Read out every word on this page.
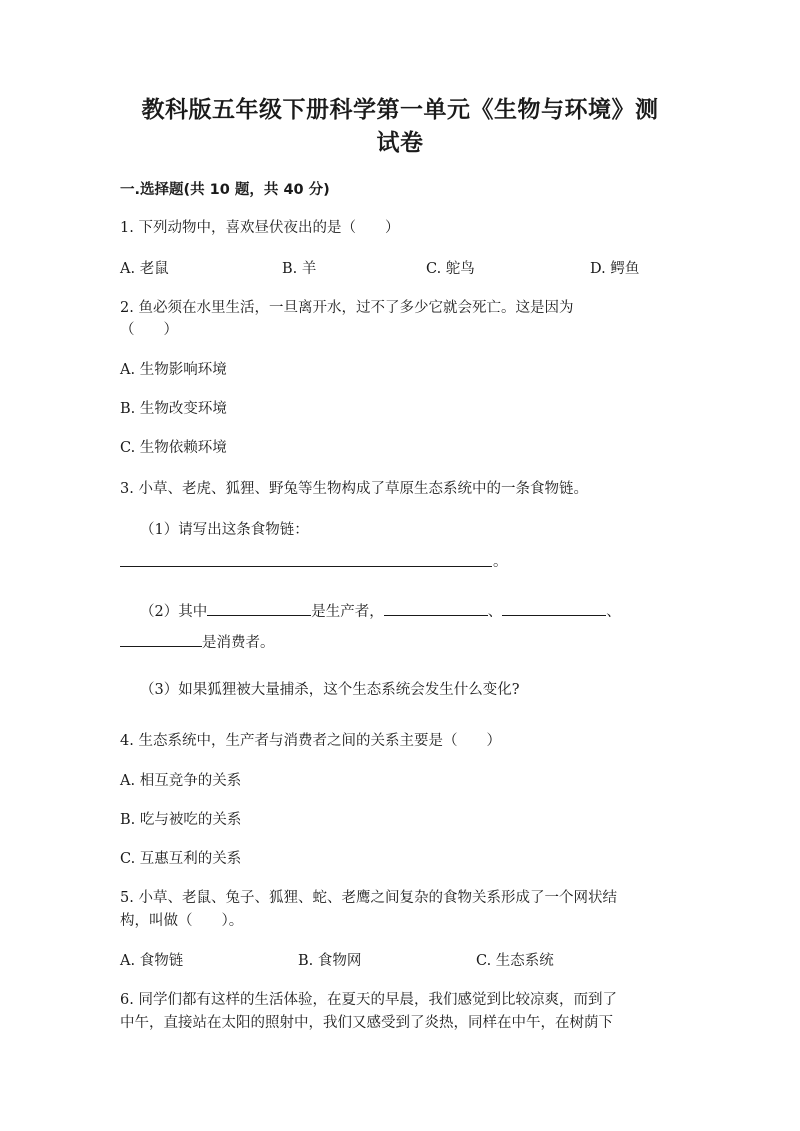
教科版五年级下册科学第一单元《生物与环境》测
试卷
一.选择题(共 10 题，共 40 分)
1. 下列动物中，喜欢昼伏夜出的是（　　）
A. 老鼠	B. 羊	C. 鸵鸟	D. 鳄鱼
2. 鱼必须在水里生活，一旦离开水，过不了多少它就会死亡。这是因为
（　　）
A. 生物影响环境
B. 生物改变环境
C. 生物依赖环境
3. 小草、老虎、狐狸、野兔等生物构成了草原生态系统中的一条食物链。
（1）请写出这条食物链：
。
（2）其中	是生产者，	、	、
是消费者。
（3）如果狐狸被大量捕杀，这个生态系统会发生什么变化?
4. 生态系统中，生产者与消费者之间的关系主要是（　　）
A. 相互竞争的关系
B. 吃与被吃的关系
C. 互惠互利的关系
5. 小草、老鼠、兔子、狐狸、蛇、老鹰之间复杂的食物关系形成了一个网状结
构，叫做（　　）。
A. 食物链	B. 食物网	C. 生态系统
6. 同学们都有这样的生活体验，在夏天的早晨，我们感觉到比较凉爽，而到了
中午，直接站在太阳的照射中，我们又感受到了炎热，同样在中午，在树荫下
